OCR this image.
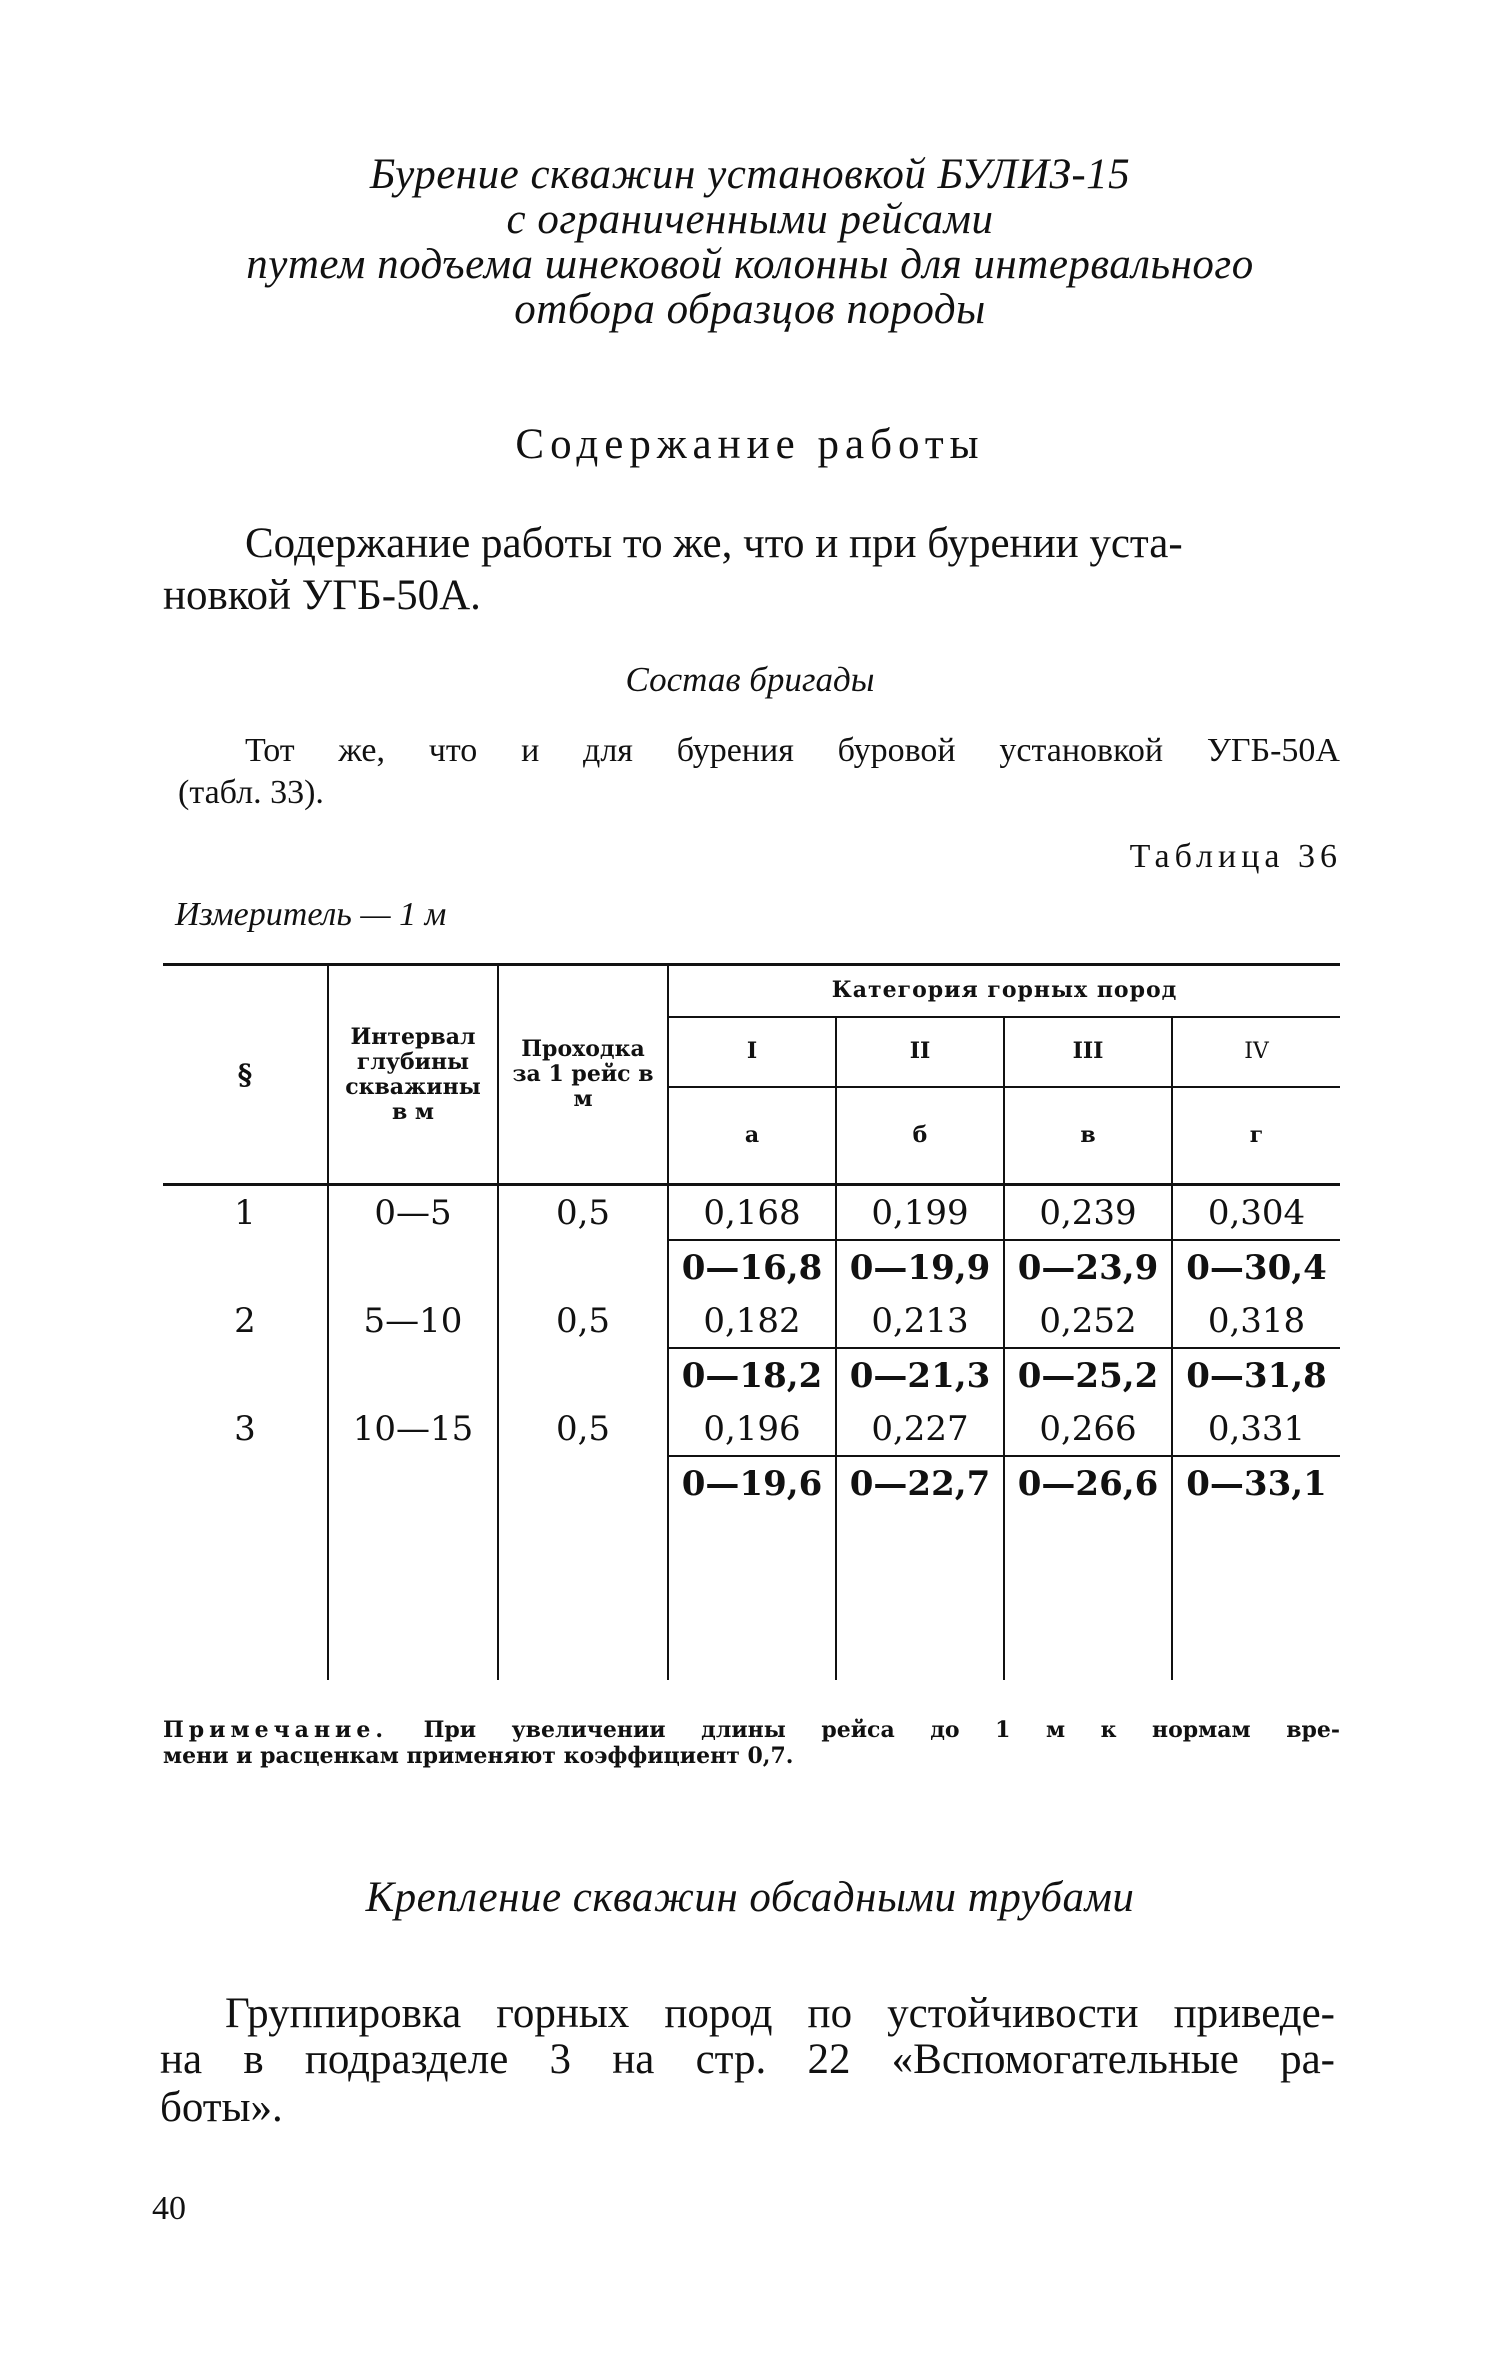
Бурение скважин установкой БУЛИЗ-15
с ограниченными рейсами
путем подъема шнековой колонны для интервального
отбора образцов породы
Содержание работы
Содержание работы то же, что и при бурении уста-
новкой УГБ-50А.
Состав бригады
Тот же, что и для бурения буровой установкой УГБ-50А
(табл. 33).
Таблица 36
Измеритель — 1 м
§	Интервал глубины скважины в м	Проходка за 1 рейс в м	Категория горных пород			
			I	II	III	IV
			а	б	в	г
1	0—5	0,5	0,168	0,199	0,239	0,304
			0—16,8	0—19,9	0—23,9	0—30,4
2	5—10	0,5	0,182	0,213	0,252	0,318
			0—18,2	0—21,3	0—25,2	0—31,8
3	10—15	0,5	0,196	0,227	0,266	0,331
			0—19,6	0—22,7	0—26,6	0—33,1

Примечание. При увеличении длины рейса до 1 м к нормам вре-
мени и расценкам применяют коэффициент 0,7.
Крепление скважин обсадными трубами
Группировка горных пород по устойчивости приведе-
на в подразделе 3 на стр. 22 «Вспомогательные ра-
боты».
40
